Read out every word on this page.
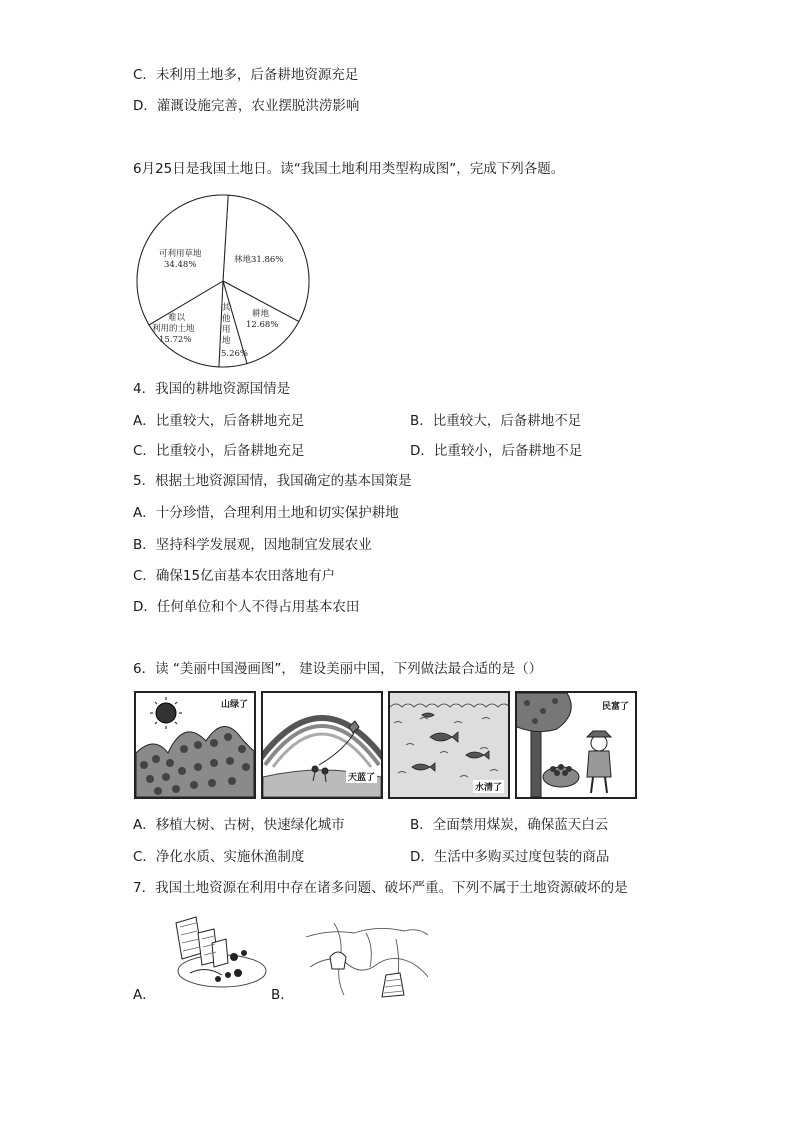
C．未利用土地多，后备耕地资源充足
D．灌溉设施完善，农业摆脱洪涝影响
6月25日是我国土地日。读“我国土地利用类型构成图”，完成下列各题。
林地31.86%
耕地
12.68%
其
他
用
地
5.26%
难以
利用的土地
15.72%
可利用草地
34.48%
4．我国的耕地资源国情是
A．比重较大，后备耕地充足	B．比重较大，后备耕地不足
C．比重较小，后备耕地充足	D．比重较小，后备耕地不足
5．根据土地资源国情，我国确定的基本国策是
A．十分珍惜，合理利用土地和切实保护耕地
B．坚持科学发展观，因地制宜发展农业
C．确保15亿亩基本农田落地有户
D．任何单位和个人不得占用基本农田
6．读 “美丽中国漫画图”， 建设美丽中国，下列做法最合适的是（）
山绿了
天蓝了
水清了
民富了
A．移植大树、古树，快速绿化城市	B．全面禁用煤炭，确保蓝天白云
C．净化水质、实施休渔制度	D．生活中多购买过度包装的商品
7．我国土地资源在利用中存在诸多问题、破坏严重。下列不属于土地资源破坏的是
A．	B．
